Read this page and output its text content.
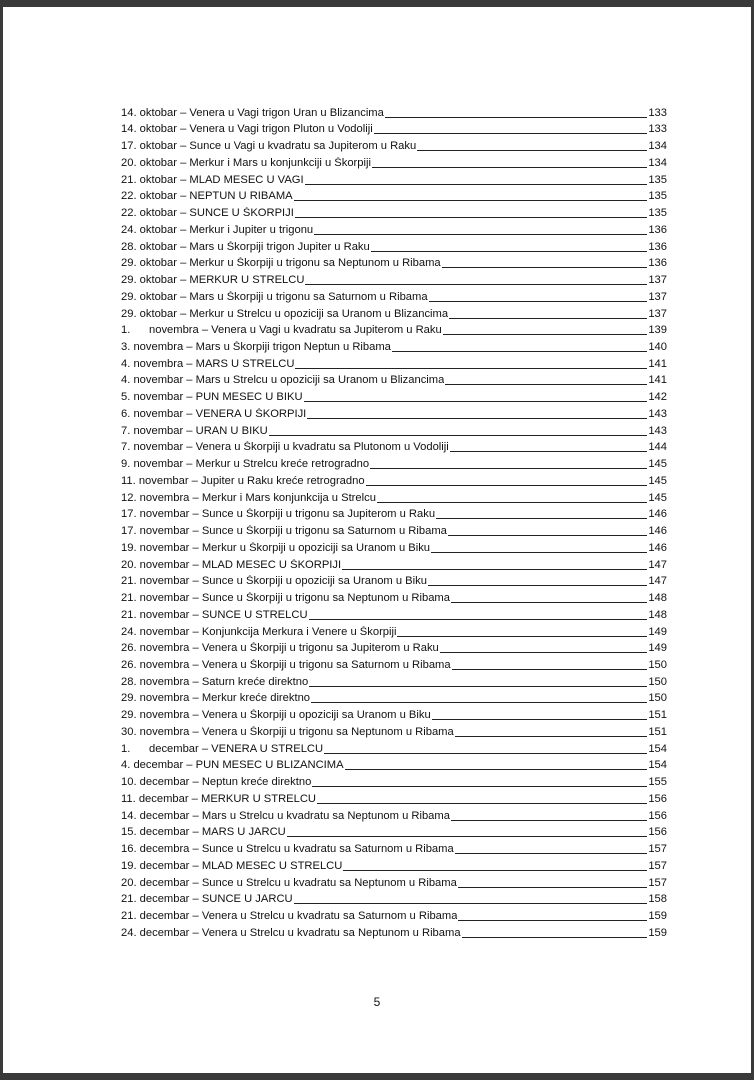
14. oktobar – Venera u Vagi trigon Uran u Blizancima	133
14. oktobar – Venera u Vagi trigon Pluton u Vodoliji	133
17. oktobar – Sunce u Vagi u kvadratu sa Jupiterom u Raku	134
20. oktobar – Merkur i Mars u konjunkciji u Škorpiji	134
21. oktobar – MLAD MESEC U VAGI	135
22. oktobar – NEPTUN U RIBAMA	135
22. oktobar – SUNCE U ŠKORPIJI	135
24. oktobar – Merkur i Jupiter u trigonu	136
28. oktobar – Mars u Škorpiji trigon Jupiter u Raku	136
29. oktobar – Merkur u Škorpiji u trigonu sa Neptunom u Ribama	136
29. oktobar – MERKUR U STRELCU	137
29. oktobar – Mars u Škorpiji u trigonu sa Saturnom u Ribama	137
29. oktobar – Merkur u Strelcu u opoziciji sa Uranom u Blizancima	137
1. novembra – Venera u Vagi u kvadratu sa Jupiterom u Raku	139
3. novembra – Mars u Škorpiji trigon Neptun u Ribama	140
4. novembra – MARS U STRELCU	141
4. novembar – Mars u Strelcu u opoziciji sa Uranom u Blizancima	141
5. novembar – PUN MESEC U BIKU	142
6. novembar – VENERA U ŠKORPIJI	143
7. novembar – URAN U BIKU	143
7. novembar – Venera u Škorpiji u kvadratu sa Plutonom u Vodoliji	144
9. novembar – Merkur u Strelcu kreće retrogradno	145
11. novembar – Jupiter u Raku kreće retrogradno	145
12. novembra – Merkur i Mars konjunkcija u Strelcu	145
17. novembar – Sunce u Škorpiji u trigonu sa Jupiterom u Raku	146
17. novembar – Sunce u Škorpiji u trigonu sa Saturnom u Ribama	146
19. novembar – Merkur u Škorpiji u opoziciji sa Uranom u Biku	146
20. novembar – MLAD MESEC U ŠKORPIJI	147
21. novembar – Sunce u Škorpiji u opoziciji sa Uranom u Biku	147
21. novembar – Sunce u Škorpiji u trigonu sa Neptunom u Ribama	148
21. novembar – SUNCE U STRELCU	148
24. novembar – Konjunkcija Merkura i Venere u Škorpiji	149
26. novembra – Venera u Škorpiji u trigonu sa Jupiterom u Raku	149
26. novembra – Venera u Škorpiji u trigonu sa Saturnom u Ribama	150
28. novembra – Saturn kreće direktno	150
29. novembra – Merkur kreće direktno	150
29. novembra – Venera u Škorpiji u opoziciji sa Uranom u Biku	151
30. novembra – Venera u Škorpiji u trigonu sa Neptunom u Ribama	151
1. decembar – VENERA U STRELCU	154
4. decembar – PUN MESEC U BLIZANCIMA	154
10. decembar – Neptun kreće direktno	155
11. decembar – MERKUR U STRELCU	156
14. decembar – Mars u Strelcu u kvadratu sa Neptunom u Ribama	156
15. decembar – MARS U JARCU	156
16. decembra – Sunce u Strelcu u kvadratu sa Saturnom u Ribama	157
19. decembar – MLAD MESEC U STRELCU	157
20. decembar – Sunce u Strelcu u kvadratu sa Neptunom u Ribama	157
21. decembar – SUNCE U JARCU	158
21. decembar – Venera u Strelcu u kvadratu sa Saturnom u Ribama	159
24. decembar – Venera u Strelcu u kvadratu sa Neptunom u Ribama	159
5
